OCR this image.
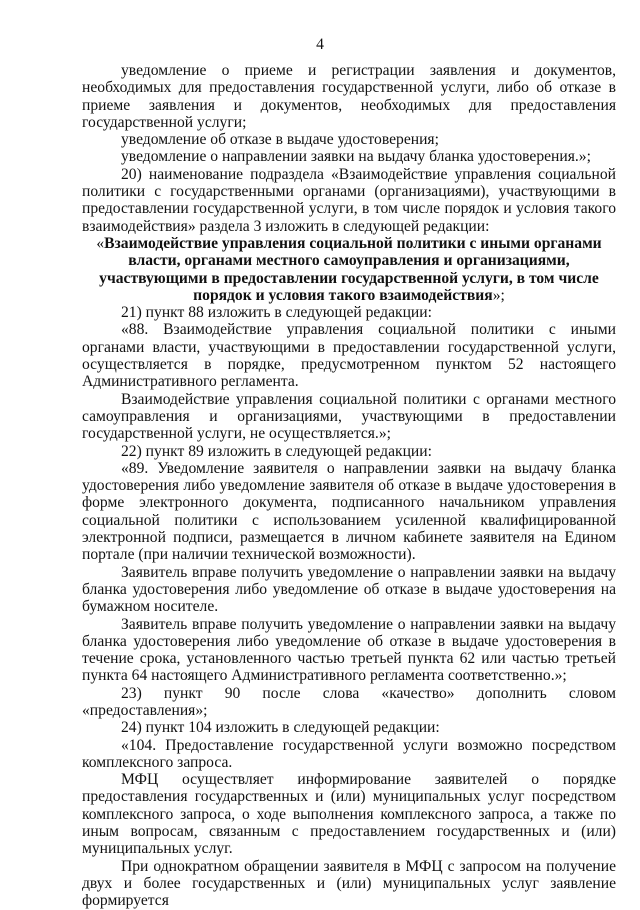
4

уведомление о приеме и регистрации заявления и документов, необходимых для предоставления государственной услуги, либо об отказе в приеме заявления и документов, необходимых для предоставления государственной услуги;

уведомление об отказе в выдаче удостоверения;

уведомление о направлении заявки на выдачу бланка удостоверения.»;

20) наименование подраздела «Взаимодействие управления социальной политики с государственными органами (организациями), участвующими в предоставлении государственной услуги, в том числе порядок и условия такого взаимодействия» раздела 3 изложить в следующей редакции:

«Взаимодействие управления социальной политики с иными органами власти, органами местного самоуправления и организациями, участвующими в предоставлении государственной услуги, в том числе порядок и условия такого взаимодействия»;

21) пункт 88 изложить в следующей редакции:

«88. Взаимодействие управления социальной политики с иными органами власти, участвующими в предоставлении государственной услуги, осуществляется в порядке, предусмотренном пунктом 52 настоящего Административного регламента.

Взаимодействие управления социальной политики с органами местного самоуправления и организациями, участвующими в предоставлении государственной услуги, не осуществляется.»;

22) пункт 89 изложить в следующей редакции:

«89. Уведомление заявителя о направлении заявки на выдачу бланка удостоверения либо уведомление заявителя об отказе в выдаче удостоверения в форме электронного документа, подписанного начальником управления социальной политики с использованием усиленной квалифицированной электронной подписи, размещается в личном кабинете заявителя на Едином портале (при наличии технической возможности).

Заявитель вправе получить уведомление о направлении заявки на выдачу бланка удостоверения либо уведомление об отказе в выдаче удостоверения на бумажном носителе.

Заявитель вправе получить уведомление о направлении заявки на выдачу бланка удостоверения либо уведомление об отказе в выдаче удостоверения в течение срока, установленного частью третьей пункта 62 или частью третьей пункта 64 настоящего Административного регламента соответственно.»;

23) пункт 90 после слова «качество» дополнить словом «предоставления»;

24) пункт 104 изложить в следующей редакции:

«104. Предоставление государственной услуги возможно посредством комплексного запроса.

МФЦ осуществляет информирование заявителей о порядке предоставления государственных и (или) муниципальных услуг посредством комплексного запроса, о ходе выполнения комплексного запроса, а также по иным вопросам, связанным с предоставлением государственных и (или) муниципальных услуг.

При однократном обращении заявителя в МФЦ с запросом на получение двух и более государственных и (или) муниципальных услуг заявление формируется
